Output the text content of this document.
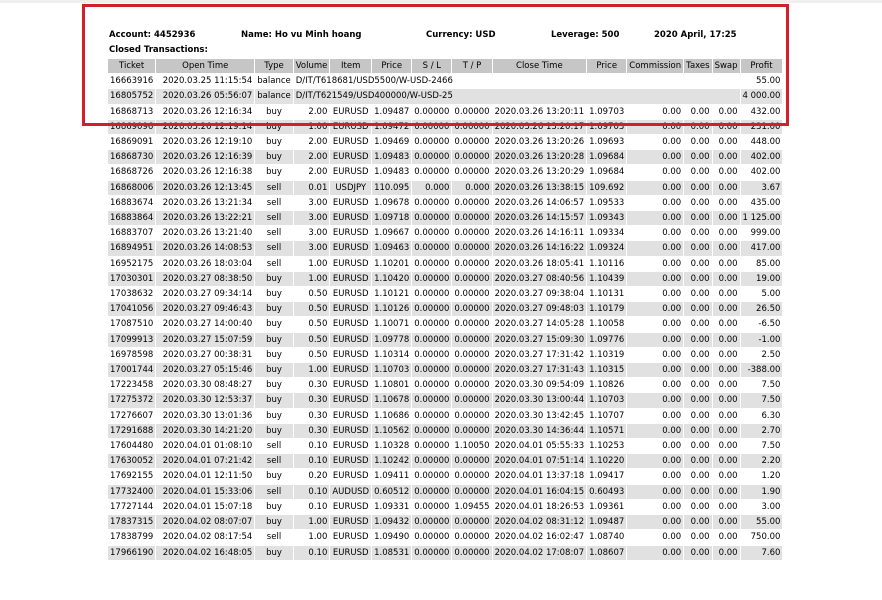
Account: 4452936	Name: Ho vu Minh hoang	Currency: USD	Leverage: 500	2020 April, 17:25
Closed Transactions:
Ticket	Open Time	Type	Volume	Item	Price	S / L	T / P	Close Time	Price	Commission	Taxes	Swap	Profit
16663916	2020.03.25 11:15:54	balance	D/IT/T618681/USD5500/W-USD-2466										55.00
16805752	2020.03.26 05:56:07	balance	D/IT/T621549/USD400000/W-USD-25										4 000.00
16868713	2020.03.26 12:16:34	buy	2.00	EURUSD	1.09487	0.00000	0.00000	2020.03.26 13:20:11	1.09703	0.00	0.00	0.00	432.00
16869096	2020.03.26 12:19:14	buy	1.00	EURUSD	1.09472	0.00000	0.00000	2020.03.26 13:20:17	1.09703	0.00	0.00	0.00	231.00
16869091	2020.03.26 12:19:10	buy	2.00	EURUSD	1.09469	0.00000	0.00000	2020.03.26 13:20:26	1.09693	0.00	0.00	0.00	448.00
16868730	2020.03.26 12:16:39	buy	2.00	EURUSD	1.09483	0.00000	0.00000	2020.03.26 13:20:28	1.09684	0.00	0.00	0.00	402.00
16868726	2020.03.26 12:16:38	buy	2.00	EURUSD	1.09483	0.00000	0.00000	2020.03.26 13:20:29	1.09684	0.00	0.00	0.00	402.00
16868006	2020.03.26 12:13:45	sell	0.01	USDJPY	110.095	0.000	0.000	2020.03.26 13:38:15	109.692	0.00	0.00	0.00	3.67
16883674	2020.03.26 13:21:34	sell	3.00	EURUSD	1.09678	0.00000	0.00000	2020.03.26 14:06:57	1.09533	0.00	0.00	0.00	435.00
16883864	2020.03.26 13:22:21	sell	3.00	EURUSD	1.09718	0.00000	0.00000	2020.03.26 14:15:57	1.09343	0.00	0.00	0.00	1 125.00
16883707	2020.03.26 13:21:40	sell	3.00	EURUSD	1.09667	0.00000	0.00000	2020.03.26 14:16:11	1.09334	0.00	0.00	0.00	999.00
16894951	2020.03.26 14:08:53	sell	3.00	EURUSD	1.09463	0.00000	0.00000	2020.03.26 14:16:22	1.09324	0.00	0.00	0.00	417.00
16952175	2020.03.26 18:03:04	sell	1.00	EURUSD	1.10201	0.00000	0.00000	2020.03.26 18:05:41	1.10116	0.00	0.00	0.00	85.00
17030301	2020.03.27 08:38:50	buy	1.00	EURUSD	1.10420	0.00000	0.00000	2020.03.27 08:40:56	1.10439	0.00	0.00	0.00	19.00
17038632	2020.03.27 09:34:14	buy	0.50	EURUSD	1.10121	0.00000	0.00000	2020.03.27 09:38:04	1.10131	0.00	0.00	0.00	5.00
17041056	2020.03.27 09:46:43	buy	0.50	EURUSD	1.10126	0.00000	0.00000	2020.03.27 09:48:03	1.10179	0.00	0.00	0.00	26.50
17087510	2020.03.27 14:00:40	buy	0.50	EURUSD	1.10071	0.00000	0.00000	2020.03.27 14:05:28	1.10058	0.00	0.00	0.00	-6.50
17099913	2020.03.27 15:07:59	buy	0.50	EURUSD	1.09778	0.00000	0.00000	2020.03.27 15:09:30	1.09776	0.00	0.00	0.00	-1.00
16978598	2020.03.27 00:38:31	buy	0.50	EURUSD	1.10314	0.00000	0.00000	2020.03.27 17:31:42	1.10319	0.00	0.00	0.00	2.50
17001744	2020.03.27 05:15:46	buy	1.00	EURUSD	1.10703	0.00000	0.00000	2020.03.27 17:31:43	1.10315	0.00	0.00	0.00	-388.00
17223458	2020.03.30 08:48:27	buy	0.30	EURUSD	1.10801	0.00000	0.00000	2020.03.30 09:54:09	1.10826	0.00	0.00	0.00	7.50
17275372	2020.03.30 12:53:37	buy	0.30	EURUSD	1.10678	0.00000	0.00000	2020.03.30 13:00:44	1.10703	0.00	0.00	0.00	7.50
17276607	2020.03.30 13:01:36	buy	0.30	EURUSD	1.10686	0.00000	0.00000	2020.03.30 13:42:45	1.10707	0.00	0.00	0.00	6.30
17291688	2020.03.30 14:21:20	buy	0.30	EURUSD	1.10562	0.00000	0.00000	2020.03.30 14:36:44	1.10571	0.00	0.00	0.00	2.70
17604480	2020.04.01 01:08:10	sell	0.10	EURUSD	1.10328	0.00000	1.10050	2020.04.01 05:55:33	1.10253	0.00	0.00	0.00	7.50
17630052	2020.04.01 07:21:42	sell	0.10	EURUSD	1.10242	0.00000	0.00000	2020.04.01 07:51:14	1.10220	0.00	0.00	0.00	2.20
17692155	2020.04.01 12:11:50	buy	0.20	EURUSD	1.09411	0.00000	0.00000	2020.04.01 13:37:18	1.09417	0.00	0.00	0.00	1.20
17732400	2020.04.01 15:33:06	sell	0.10	AUDUSD	0.60512	0.00000	0.00000	2020.04.01 16:04:15	0.60493	0.00	0.00	0.00	1.90
17727144	2020.04.01 15:07:18	buy	0.10	EURUSD	1.09331	0.00000	1.09455	2020.04.01 18:26:53	1.09361	0.00	0.00	0.00	3.00
17837315	2020.04.02 08:07:07	buy	1.00	EURUSD	1.09432	0.00000	0.00000	2020.04.02 08:31:12	1.09487	0.00	0.00	0.00	55.00
17838799	2020.04.02 08:17:54	sell	1.00	EURUSD	1.09490	0.00000	0.00000	2020.04.02 16:02:47	1.08740	0.00	0.00	0.00	750.00
17966190	2020.04.02 16:48:05	buy	0.10	EURUSD	1.08531	0.00000	0.00000	2020.04.02 17:08:07	1.08607	0.00	0.00	0.00	7.60
